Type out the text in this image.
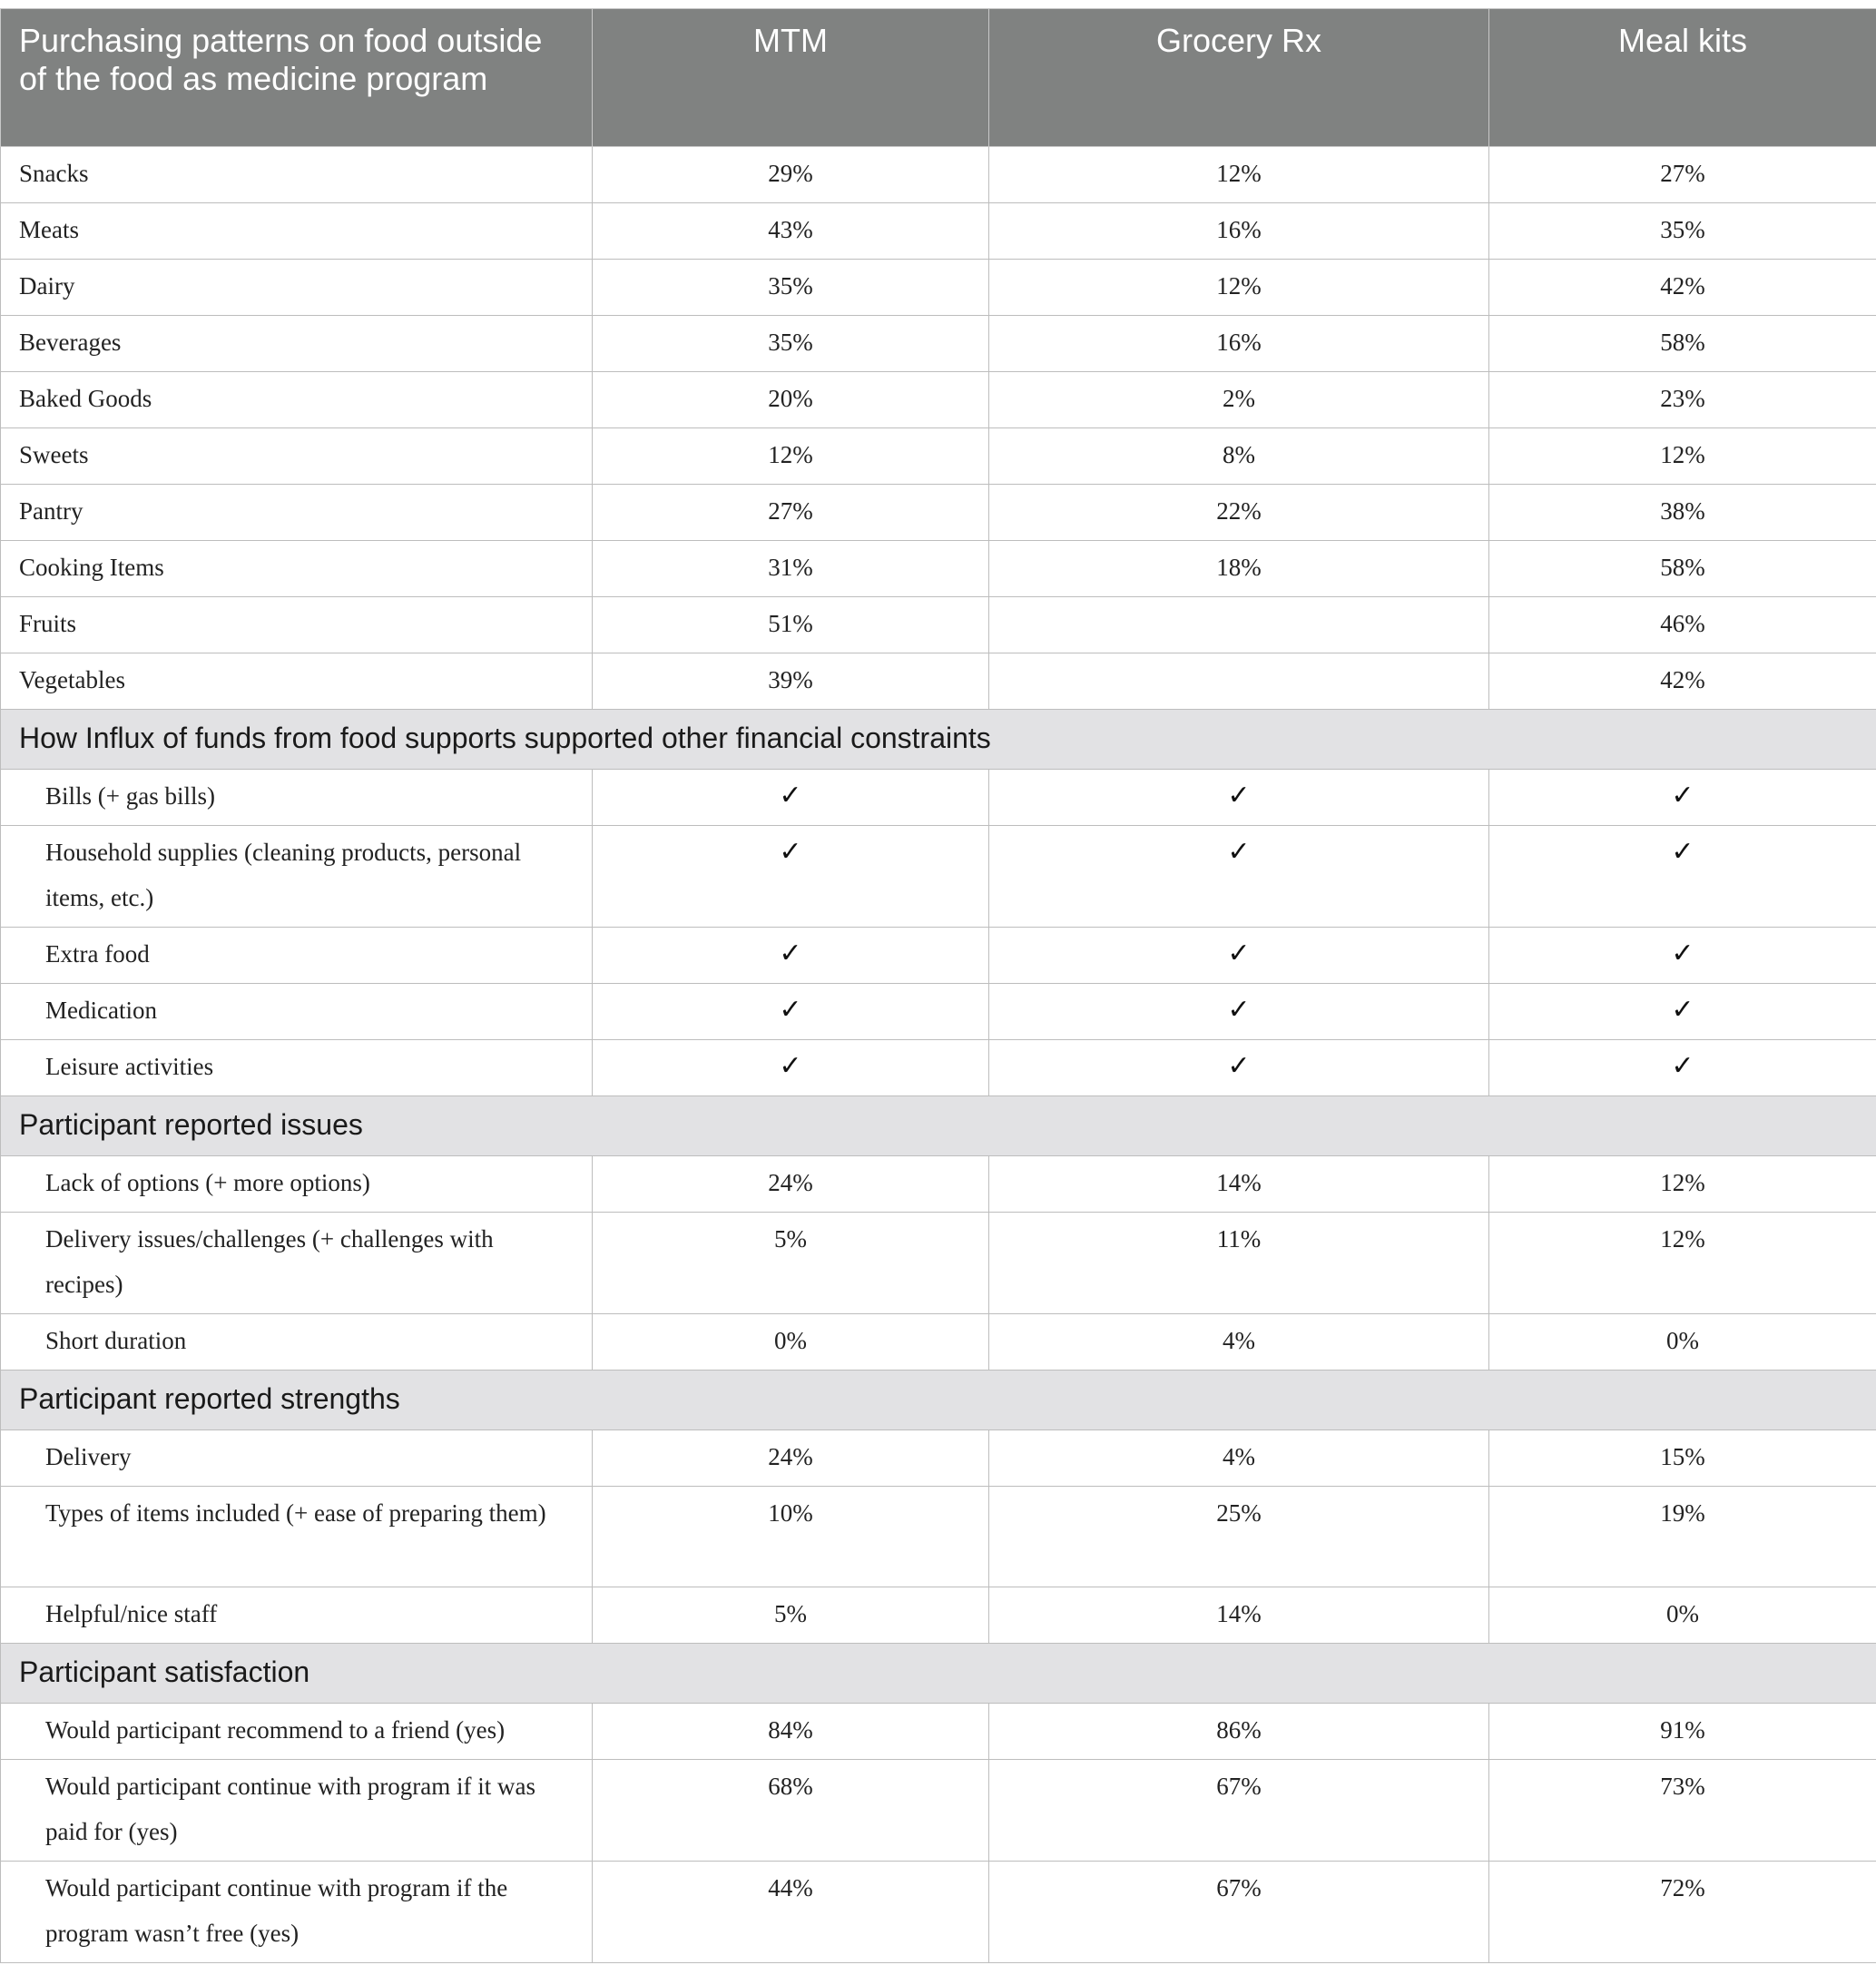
Purchasing patterns on food outside of the food as medicine program	MTM	Grocery Rx	Meal kits
Snacks	29%	12%	27%
Meats	43%	16%	35%
Dairy	35%	12%	42%
Beverages	35%	16%	58%
Baked Goods	20%	2%	23%
Sweets	12%	8%	12%
Pantry	27%	22%	38%
Cooking Items	31%	18%	58%
Fruits	51%		46%
Vegetables	39%		42%
How Influx of funds from food supports supported other financial constraints			
Bills (+ gas bills)	✓	✓	✓
Household supplies (cleaning products, personal items, etc.)	✓	✓	✓
Extra food	✓	✓	✓
Medication	✓	✓	✓
Leisure activities	✓	✓	✓
Participant reported issues			
Lack of options (+ more options)	24%	14%	12%
Delivery issues/challenges (+ challenges with recipes)	5%	11%	12%
Short duration	0%	4%	0%
Participant reported strengths			
Delivery	24%	4%	15%
Types of items included (+ ease of preparing them)	10%	25%	19%
Helpful/nice staff	5%	14%	0%
Participant satisfaction			
Would participant recommend to a friend (yes)	84%	86%	91%
Would participant continue with program if it was paid for (yes)	68%	67%	73%
Would participant continue with program if the program wasn’t free (yes)	44%	67%	72%
